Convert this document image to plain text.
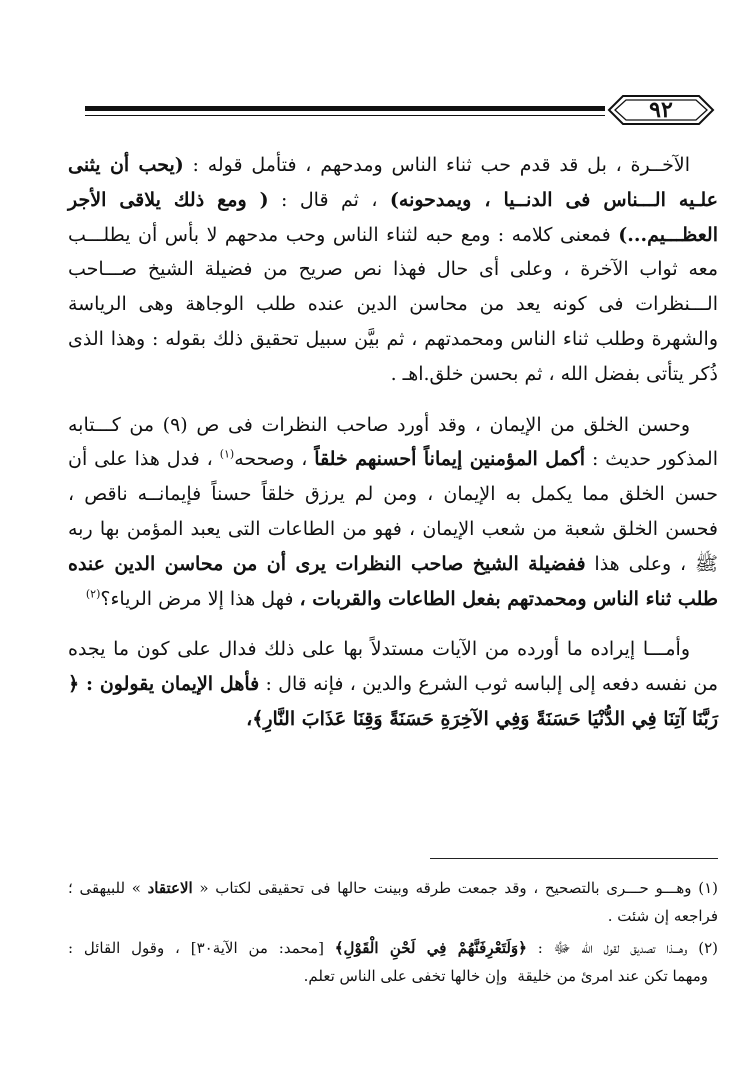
٩٢

الآخــرة ، بل قد قدم حب ثناء الناس ومدحهم ، فتأمل قوله : (يحب أن يثنى علـيه الـــناس فى الدنــيا ، ويمدحونه) ، ثم قال : ( ومع ذلك يلاقى الأجر العظـــيم...) فمعنى كلامه : ومع حبه لثناء الناس وحب مدحهم لا بأس أن يطلـــب معه ثواب الآخرة ، وعلى أى حال فهذا نص صريح من فضيلة الشيخ صـــاحب الـــنظرات فى كونه يعد من محاسن الدين عنده طلب الوجاهة وهى الرياسة والشهرة وطلب ثناء الناس ومحمدتهم ، ثم بيَّن سبيل تحقيق ذلك بقوله : وهذا الذى ذُكر يتأتى بفضل الله ، ثم بحسن خلق.اهـ .

وحسن الخلق من الإيمان ، وقد أورد صاحب النظرات فى ص (٩) من كـــتابه المذكور حديث : أكمل المؤمنين إيماناً أحسنهم خلقاً ، وصححه$^{(١)}$ ، فدل هذا على أن حسن الخلق مما يكمل به الإيمان ، ومن لم يرزق خلقاً حسناً فإيمانــه ناقص ، فحسن الخلق شعبة من شعب الإيمان ، فهو من الطاعات التى يعبد المؤمن بها ربه ﷺ ، وعلى هذا ففضيلة الشيخ صاحب النظرات يرى أن من محاسن الدين عنده طلب ثناء الناس ومحمدتهم بفعل الطاعات والقربات ، فهل هذا إلا مرض الرياء؟$^{(٢)}$

وأمـــا إيراده ما أورده من الآيات مستدلاً بها على ذلك فدال على كون ما يجده من نفسه دفعه إلى إلباسه ثوب الشرع والدين ، فإنه قال : فأهل الإيمان يقولون : ﴿ رَبَّنَا آتِنَا فِي الدُّنْيَا حَسَنَةً وَفِي الآخِرَةِ حَسَنَةً وَقِنَا عَذَابَ النَّارِ﴾،

(١) وهـــو حـــرى بالتصحيح ، وقد جمعت طرقه وبينت حالها فى تحقيقى لكتاب « الاعتقاد » للبيهقى ؛ فراجعه إن شئت .

(٢) وهـــذا تصديق لقول الله ﷻ : ﴿وَلَتَعْرِفَنَّهُمْ فِي لَحْنِ الْقَوْلِ﴾ [محمد: من الآية٣٠] ، وقول القائل : ومهما تكن عند امرئ من خليقةوإن خالها تخفى على الناس تعلم.
